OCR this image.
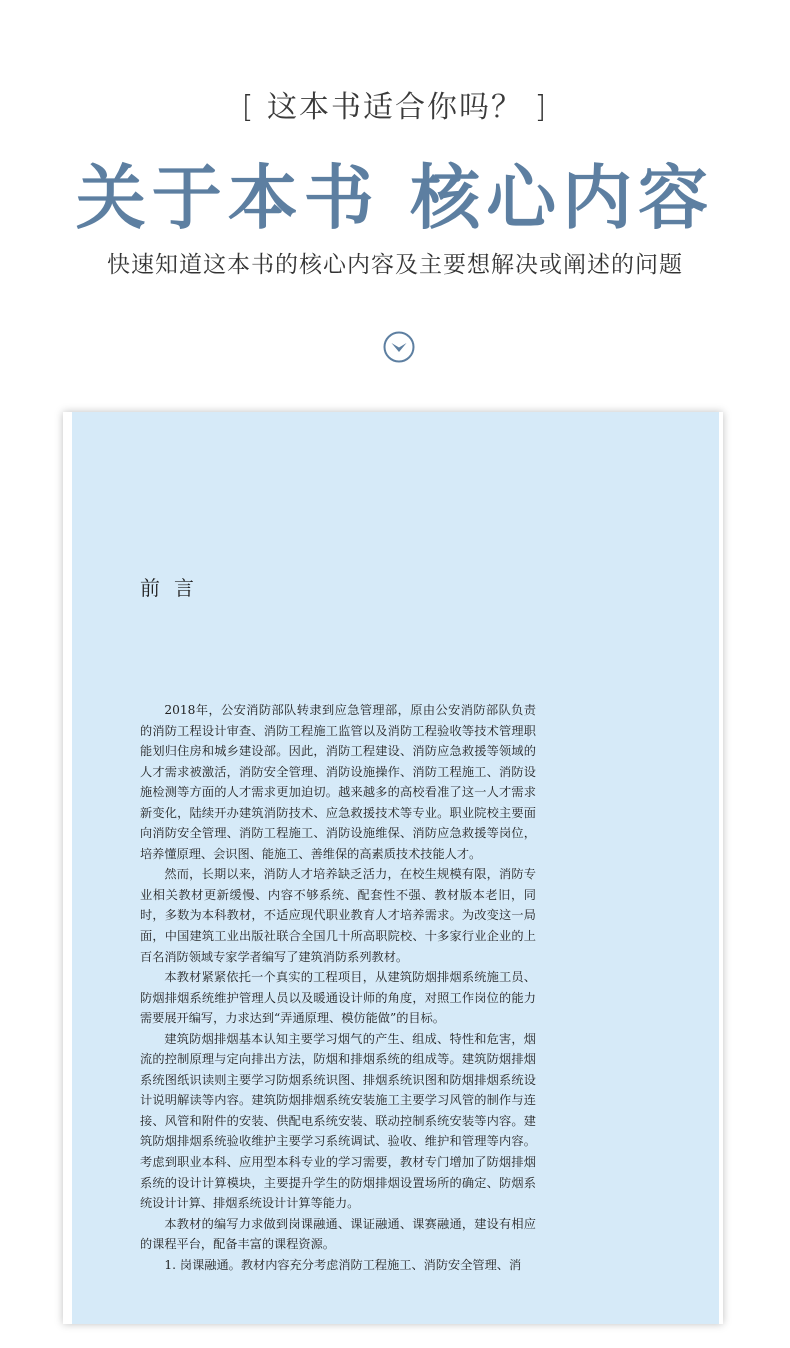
[ 这本书适合你吗？ ]
关于本书 核心内容
快速知道这本书的核心内容及主要想解决或阐述的问题
前言

2018年，公安消防部队转隶到应急管理部，原由公安消防部队负责的消防工程设计审查、消防工程施工监管以及消防工程验收等技术管理职能划归住房和城乡建设部。因此，消防工程建设、消防应急救援等领域的人才需求被激活，消防安全管理、消防设施操作、消防工程施工、消防设施检测等方面的人才需求更加迫切。越来越多的高校看准了这一人才需求新变化，陆续开办建筑消防技术、应急救援技术等专业。职业院校主要面向消防安全管理、消防工程施工、消防设施维保、消防应急救援等岗位，培养懂原理、会识图、能施工、善维保的高素质技术技能人才。

然而，长期以来，消防人才培养缺乏活力，在校生规模有限，消防专业相关教材更新缓慢、内容不够系统、配套性不强、教材版本老旧，同时，多数为本科教材，不适应现代职业教育人才培养需求。为改变这一局面，中国建筑工业出版社联合全国几十所高职院校、十多家行业企业的上百名消防领域专家学者编写了建筑消防系列教材。

本教材紧紧依托一个真实的工程项目，从建筑防烟排烟系统施工员、防烟排烟系统维护管理人员以及暖通设计师的角度，对照工作岗位的能力需要展开编写，力求达到“弄通原理、模仿能做”的目标。

建筑防烟排烟基本认知主要学习烟气的产生、组成、特性和危害，烟流的控制原理与定向排出方法，防烟和排烟系统的组成等。建筑防烟排烟系统图纸识读则主要学习防烟系统识图、排烟系统识图和防烟排烟系统设计说明解读等内容。建筑防烟排烟系统安装施工主要学习风管的制作与连接、风管和附件的安装、供配电系统安装、联动控制系统安装等内容。建筑防烟排烟系统验收维护主要学习系统调试、验收、维护和管理等内容。考虑到职业本科、应用型本科专业的学习需要，教材专门增加了防烟排烟系统的设计计算模块，主要提升学生的防烟排烟设置场所的确定、防烟系统设计计算、排烟系统设计计算等能力。

本教材的编写力求做到岗课融通、课证融通、课赛融通，建设有相应的课程平台，配备丰富的课程资源。

1. 岗课融通。教材内容充分考虑消防工程施工、消防安全管理、消
